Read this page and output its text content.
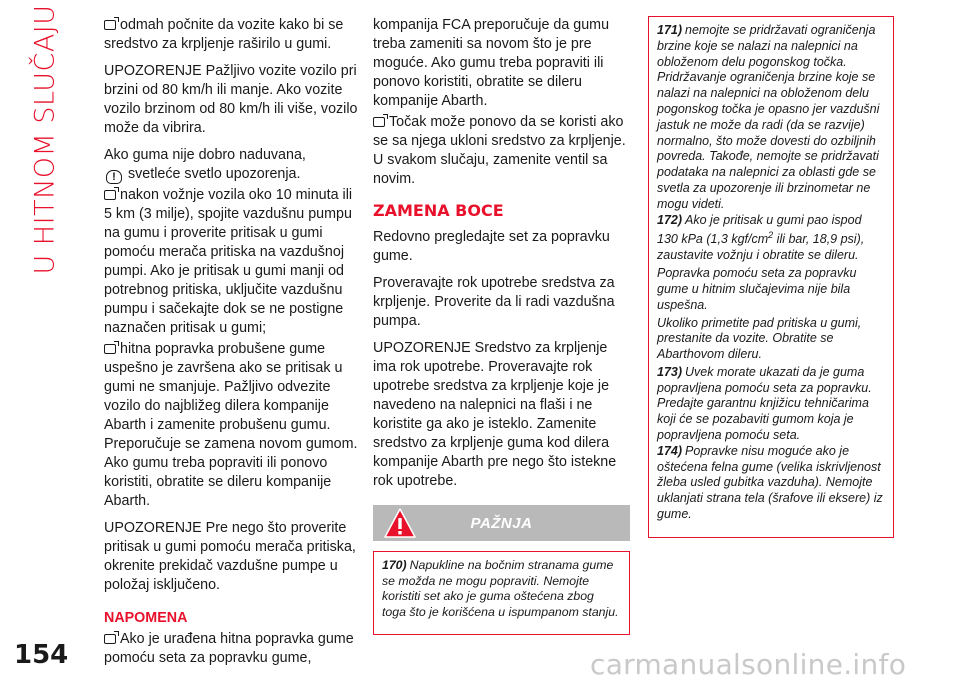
U HITNOM SLUČAJU
154

odmah počnite da vozite kako bi se sredstvo za krpljenje raširilo u gumi.

UPOZORENJE Pažljivo vozite vozilo pri brzini od 80 km/h ili manje. Ako vozite vozilo brzinom od 80 km/h ili više, vozilo može da vibrira.

Ako guma nije dobro naduvana,
! svetleće svetlo upozorenja.

nakon vožnje vozila oko 10 minuta ili 5 km (3 milje), spojite vazdušnu pumpu na gumu i proverite pritisak u gumi pomoću merača pritiska na vazdušnoj pumpi. Ako je pritisak u gumi manji od potrebnog pritiska, uključite vazdušnu pumpu i sačekajte dok se ne postigne naznačen pritisak u gumi;

hitna popravka probušene gume uspešno je završena ako se pritisak u gumi ne smanjuje. Pažljivo odvezite vozilo do najbližeg dilera kompanije Abarth i zamenite probušenu gumu. Preporučuje se zamena novom gumom. Ako gumu treba popraviti ili ponovo koristiti, obratite se dileru kompanije Abarth.

UPOZORENJE Pre nego što proverite pritisak u gumi pomoću merača pritiska, okrenite prekidač vazdušne pumpe u položaj isključeno.

NAPOMENA

Ako je urađena hitna popravka gume pomoću seta za popravku gume,

kompanija FCA preporučuje da gumu treba zameniti sa novom što je pre moguće. Ako gumu treba popraviti ili ponovo koristiti, obratite se dileru kompanije Abarth.

Točak može ponovo da se koristi ako se sa njega ukloni sredstvo za krpljenje. U svakom slučaju, zamenite ventil sa novim.

ZAMENA BOCE

Redovno pregledajte set za popravku gume.

Proveravajte rok upotrebe sredstva za krpljenje. Proverite da li radi vazdušna pumpa.

UPOZORENJE Sredstvo za krpljenje ima rok upotrebe. Proveravajte rok upotrebe sredstva za krpljenje koje je navedeno na nalepnici na flaši i ne koristite ga ako je isteklo. Zamenite sredstvo za krpljenje guma kod dilera kompanije Abarth pre nego što istekne rok upotrebe.

PAŽNJA

170) Napukline na bočnim stranama gume se možda ne mogu popraviti. Nemojte koristiti set ako je guma oštećena zbog toga što je korišćena u ispumpanom stanju.

171) nemojte se pridržavati ograničenja brzine koje se nalazi na nalepnici na obloženom delu pogonskog točka. Pridržavanje ograničenja brzine koje se nalazi na nalepnici na obloženom delu pogonskog točka je opasno jer vazdušni jastuk ne može da radi (da se razvije) normalno, što može dovesti do ozbiljnih povreda. Takođe, nemojte se pridržavati podataka na nalepnici za oblasti gde se svetla za upozorenje ili brzinometar ne mogu videti.

172) Ako je pritisak u gumi pao ispod 130 kPa (1,3 kgf/$cm^2$ ili bar, 18,9 psi), zaustavite vožnju i obratite se dileru.

Popravka pomoću seta za popravku gume u hitnim slučajevima nije bila uspešna.

Ukoliko primetite pad pritiska u gumi, prestanite da vozite. Obratite se Abarthovom dileru.

173) Uvek morate ukazati da je guma popravljena pomoću seta za popravku. Predajte garantnu knjižicu tehničarima koji će se pozabaviti gumom koja je popravljena pomoću seta.

174) Popravke nisu moguće ako je oštećena felna gume (velika iskrivljenost žleba usled gubitka vazduha). Nemojte uklanjati strana tela (šrafove ili eksere) iz gume.

carmanualsonline.info
